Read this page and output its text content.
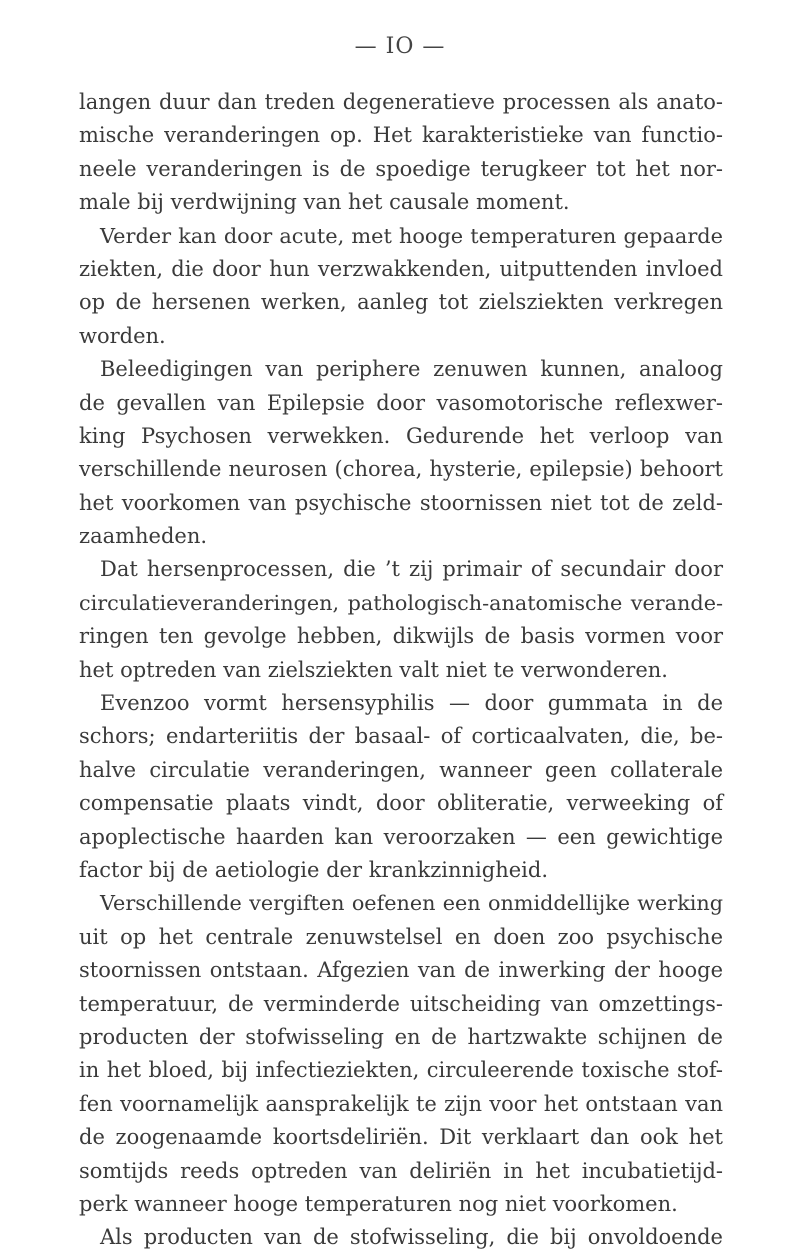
— IO —
langen duur dan treden degeneratieve processen als anato-
mische veranderingen op. Het karakteristieke van functio-
neele veranderingen is de spoedige terugkeer tot het nor-
male bij verdwijning van het causale moment.
Verder kan door acute, met hooge temperaturen gepaarde
ziekten, die door hun verzwakkenden, uitputtenden invloed
op de hersenen werken, aanleg tot zielsziekten verkregen
worden.
Beleedigingen van periphere zenuwen kunnen, analoog
de gevallen van Epilepsie door vasomotorische reflexwer-
king Psychosen verwekken. Gedurende het verloop van
verschillende neurosen (chorea, hysterie, epilepsie) behoort
het voorkomen van psychische stoornissen niet tot de zeld-
zaamheden.
Dat hersenprocessen, die ’t zij primair of secundair door
circulatieveranderingen, pathologisch-anatomische verande-
ringen ten gevolge hebben, dikwijls de basis vormen voor
het optreden van zielsziekten valt niet te verwonderen.
Evenzoo vormt hersensyphilis — door gummata in de
schors; endarteriitis der basaal- of corticaalvaten, die, be-
halve circulatie veranderingen, wanneer geen collaterale
compensatie plaats vindt, door obliteratie, verweeking of
apoplectische haarden kan veroorzaken — een gewichtige
factor bij de aetiologie der krankzinnigheid.
Verschillende vergiften oefenen een onmiddellijke werking
uit op het centrale zenuwstelsel en doen zoo psychische
stoornissen ontstaan. Afgezien van de inwerking der hooge
temperatuur, de verminderde uitscheiding van omzettings-
producten der stofwisseling en de hartzwakte schijnen de
in het bloed, bij infectieziekten, circuleerende toxische stof-
fen voornamelijk aansprakelijk te zijn voor het ontstaan van
de zoogenaamde koortsdeliriën. Dit verklaart dan ook het
somtijds reeds optreden van deliriën in het incubatietijd-
perk wanneer hooge temperaturen nog niet voorkomen.
Als producten van de stofwisseling, die bij onvoldoende
